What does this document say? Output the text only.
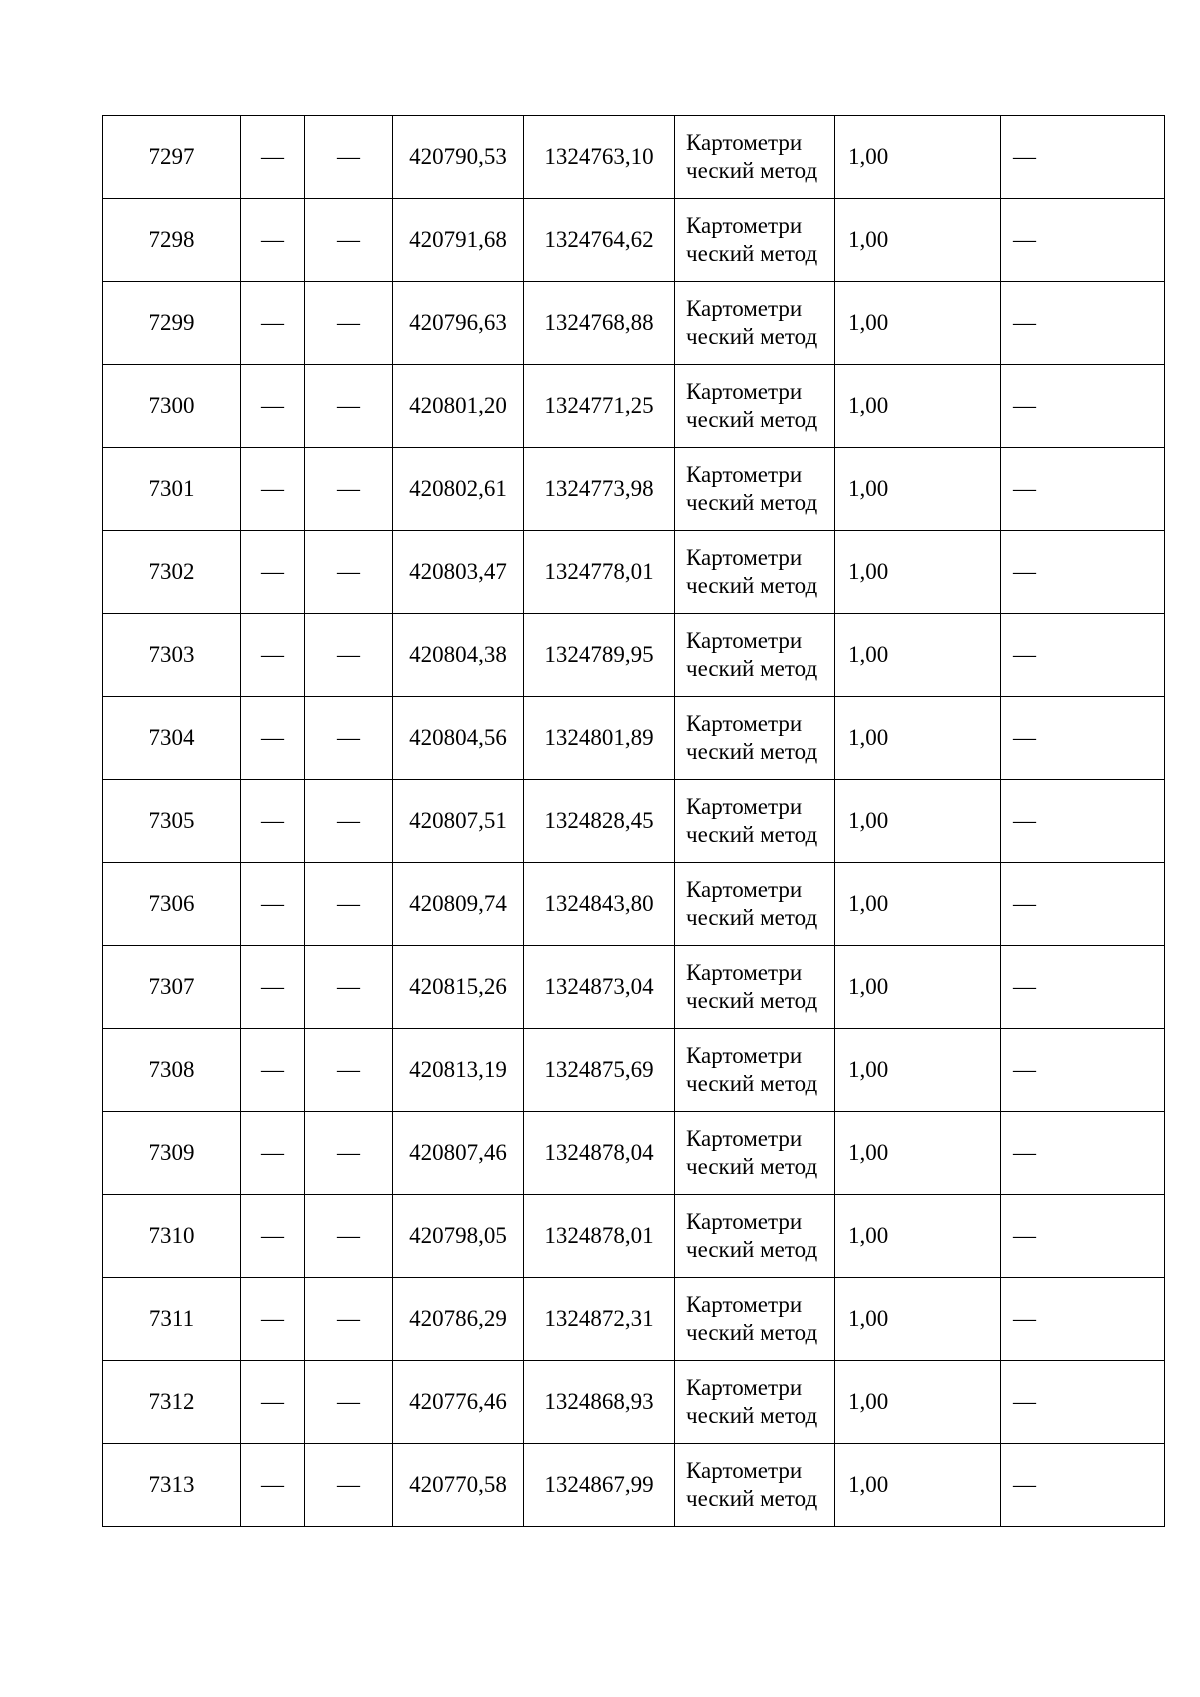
7297	—	—	420790,53	1324763,10	Картометри ческий метод	1,00	—
7298	—	—	420791,68	1324764,62	Картометри ческий метод	1,00	—
7299	—	—	420796,63	1324768,88	Картометри ческий метод	1,00	—
7300	—	—	420801,20	1324771,25	Картометри ческий метод	1,00	—
7301	—	—	420802,61	1324773,98	Картометри ческий метод	1,00	—
7302	—	—	420803,47	1324778,01	Картометри ческий метод	1,00	—
7303	—	—	420804,38	1324789,95	Картометри ческий метод	1,00	—
7304	—	—	420804,56	1324801,89	Картометри ческий метод	1,00	—
7305	—	—	420807,51	1324828,45	Картометри ческий метод	1,00	—
7306	—	—	420809,74	1324843,80	Картометри ческий метод	1,00	—
7307	—	—	420815,26	1324873,04	Картометри ческий метод	1,00	—
7308	—	—	420813,19	1324875,69	Картометри ческий метод	1,00	—
7309	—	—	420807,46	1324878,04	Картометри ческий метод	1,00	—
7310	—	—	420798,05	1324878,01	Картометри ческий метод	1,00	—
7311	—	—	420786,29	1324872,31	Картометри ческий метод	1,00	—
7312	—	—	420776,46	1324868,93	Картометри ческий метод	1,00	—
7313	—	—	420770,58	1324867,99	Картометри ческий метод	1,00	—
